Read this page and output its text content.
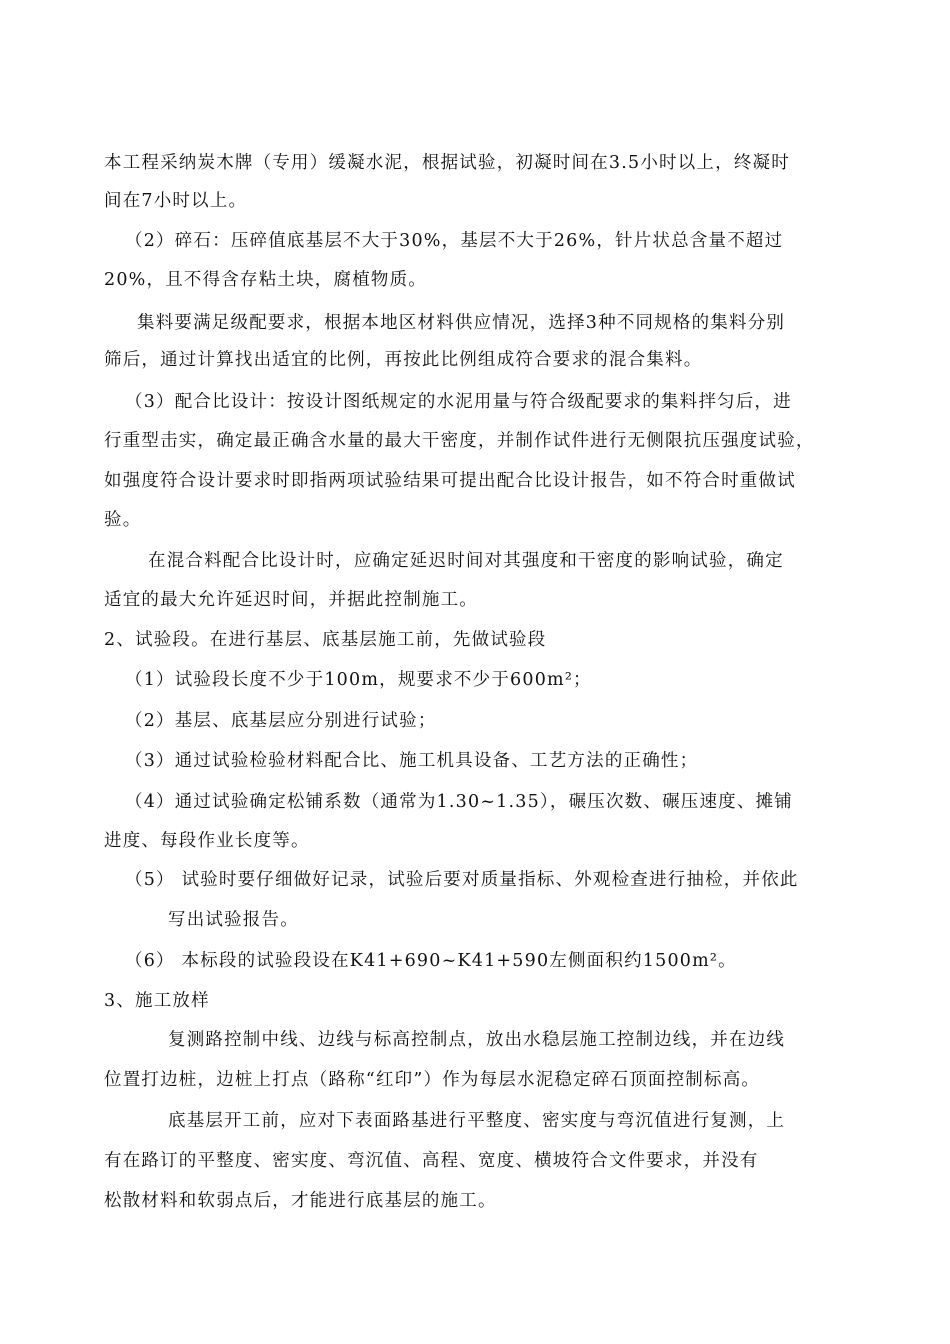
本工程采纳炭木牌（专用）缓凝水泥，根据试验，初凝时间在3.5小时以上，终凝时
间在7小时以上。
（2）碎石：压碎值底基层不大于30%，基层不大于26%，针片状总含量不超过
20%，且不得含存粘土块，腐植物质。
集料要满足级配要求，根据本地区材料供应情况，选择3种不同规格的集料分别
筛后，通过计算找出适宜的比例，再按此比例组成符合要求的混合集料。
（3）配合比设计：按设计图纸规定的水泥用量与符合级配要求的集料拌匀后，进
行重型击实，确定最正确含水量的最大干密度，并制作试件进行无侧限抗压强度试验，
如强度符合设计要求时即指两项试验结果可提出配合比设计报告，如不符合时重做试
验。
在混合料配合比设计时，应确定延迟时间对其强度和干密度的影响试验，确定
适宜的最大允许延迟时间，并据此控制施工。
2、试验段。在进行基层、底基层施工前，先做试验段
（1）试验段长度不少于100m，规要求不少于600m²；
（2）基层、底基层应分别进行试验；
（3）通过试验检验材料配合比、施工机具设备、工艺方法的正确性；
（4）通过试验确定松铺系数（通常为1.30~1.35），碾压次数、碾压速度、摊铺
进度、每段作业长度等。
（5） 试验时要仔细做好记录，试验后要对质量指标、外观检查进行抽检，并依此
写出试验报告。
（6） 本标段的试验段设在K41+690~K41+590左侧面积约1500m²。
3、施工放样
复测路控制中线、边线与标高控制点，放出水稳层施工控制边线，并在边线
位置打边桩，边桩上打点（路称“红印”）作为每层水泥稳定碎石顶面控制标高。
底基层开工前，应对下表面路基进行平整度、密实度与弯沉值进行复测，上
有在路订的平整度、密实度、弯沉值、高程、宽度、横坡符合文件要求，并没有
松散材料和软弱点后，才能进行底基层的施工。
